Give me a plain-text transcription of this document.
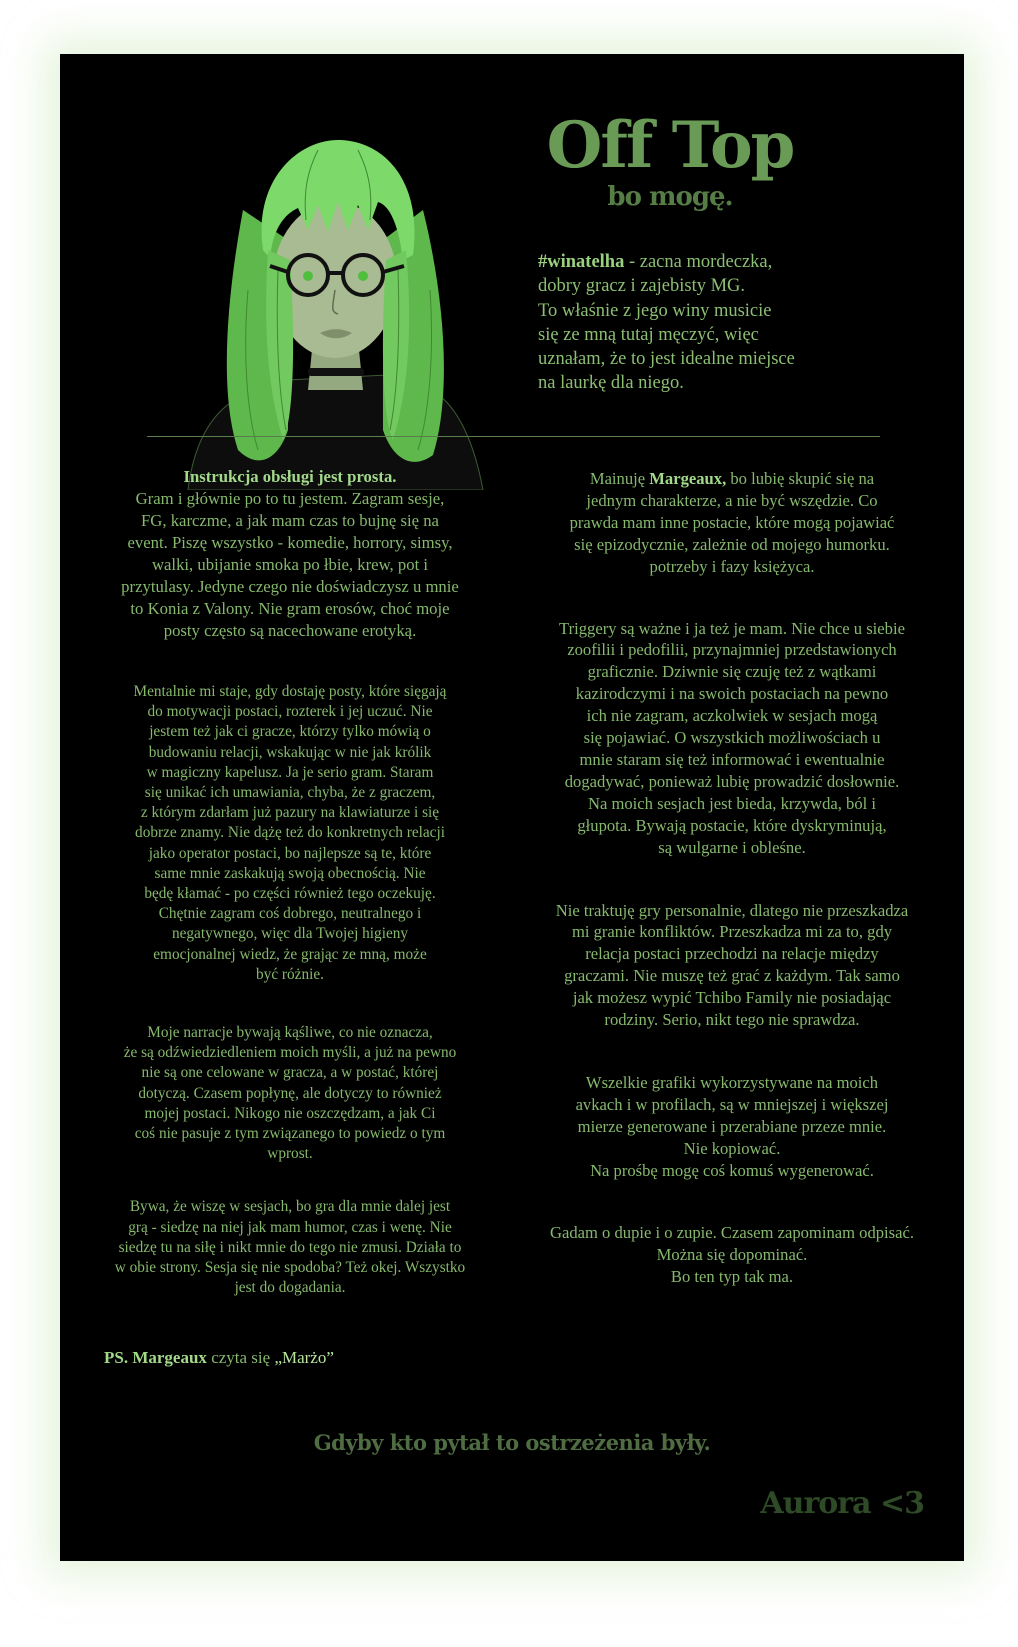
Off Top
bo mogę.
#winatelha - zacna mordeczka,
dobry gracz i zajebisty MG.
To właśnie z jego winy musicie
się ze mną tutaj męczyć, więc
uznałam, że to jest idealne miejsce
na laurkę dla niego.

Instrukcja obsługi jest prosta.
Gram i głównie po to tu jestem. Zagram sesje,
FG, karczme, a jak mam czas to bujnę się na
event. Piszę wszystko - komedie, horrory, simsy,
walki, ubijanie smoka po łbie, krew, pot i
przytulasy. Jedyne czego nie doświadczysz u mnie
to Konia z Valony. Nie gram erosów, choć moje
posty często są nacechowane erotyką.

Mentalnie mi staje, gdy dostaję posty, które sięgają
do motywacji postaci, rozterek i jej uczuć. Nie
jestem też jak ci gracze, którzy tylko mówią o
budowaniu relacji, wskakując w nie jak królik
w magiczny kapelusz. Ja je serio gram. Staram
się unikać ich umawiania, chyba, że z graczem,
z którym zdarłam już pazury na klawiaturze i się
dobrze znamy. Nie dążę też do konkretnych relacji
jako operator postaci, bo najlepsze są te, które
same mnie zaskakują swoją obecnością. Nie
będę kłamać - po części również tego oczekuję.
Chętnie zagram coś dobrego, neutralnego i
negatywnego, więc dla Twojej higieny
emocjonalnej wiedz, że grając ze mną, może
być różnie.

Moje narracje bywają kąśliwe, co nie oznacza,
że są odźwiedziedleniem moich myśli, a już na pewno
nie są one celowane w gracza, a w postać, której
dotyczą. Czasem popłynę, ale dotyczy to również
mojej postaci. Nikogo nie oszczędzam, a jak Ci
coś nie pasuje z tym związanego to powiedz o tym
wprost.

Bywa, że wiszę w sesjach, bo gra dla mnie dalej jest
grą - siedzę na niej jak mam humor, czas i wenę. Nie
siedzę tu na siłę i nikt mnie do tego nie zmusi. Działa to
w obie strony. Sesja się nie spodoba? Też okej. Wszystko
jest do dogadania.

Mainuję Margeaux, bo lubię skupić się na
jednym charakterze, a nie być wszędzie. Co
prawda mam inne postacie, które mogą pojawiać
się epizodycznie, zależnie od mojego humorku.
potrzeby i fazy księżyca.

Triggery są ważne i ja też je mam. Nie chce u siebie
zoofilii i pedofilii, przynajmniej przedstawionych
graficznie. Dziwnie się czuję też z wątkami
kazirodczymi i na swoich postaciach na pewno
ich nie zagram, aczkolwiek w sesjach mogą
się pojawiać. O wszystkich możliwościach u
mnie staram się też informować i ewentualnie
dogadywać, ponieważ lubię prowadzić dosłownie.
Na moich sesjach jest bieda, krzywda, ból i
głupota. Bywają postacie, które dyskryminują,
są wulgarne i obleśne.

Nie traktuję gry personalnie, dlatego nie przeszkadza
mi granie konfliktów. Przeszkadza mi za to, gdy
relacja postaci przechodzi na relacje między
graczami. Nie muszę też grać z każdym. Tak samo
jak możesz wypić Tchibo Family nie posiadając
rodziny. Serio, nikt tego nie sprawdza.

Wszelkie grafiki wykorzystywane na moich
avkach i w profilach, są w mniejszej i większej
mierze generowane i przerabiane przeze mnie.
Nie kopiować.
Na prośbę mogę coś komuś wygenerować.

Gadam o dupie i o zupie. Czasem zapominam odpisać.
Można się dopominać.
Bo ten typ tak ma.

PS. Margeaux czyta się „Marżo”
Gdyby kto pytał to ostrzeżenia były.
Aurora <3
